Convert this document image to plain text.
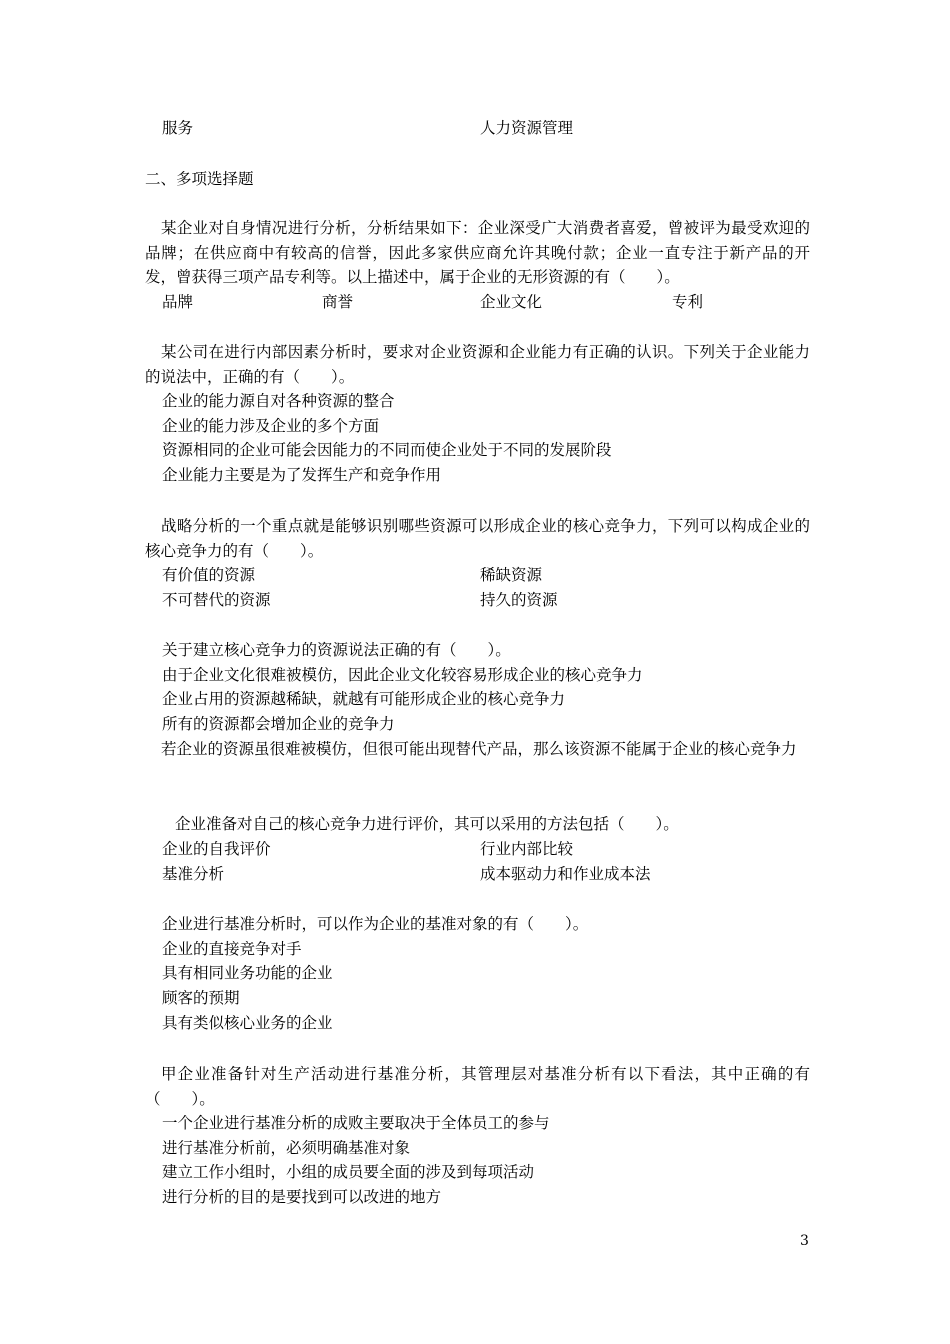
服务	人力资源管理
二、多项选择题
某企业对自身情况进行分析，分析结果如下：企业深受广大消费者喜爱，曾被评为最受欢迎的品牌；在供应商中有较高的信誉，因此多家供应商允许其晚付款；企业一直专注于新产品的开发，曾获得三项产品专利等。以上描述中，属于企业的无形资源的有（　　）。
品牌	商誉	企业文化	专利
某公司在进行内部因素分析时，要求对企业资源和企业能力有正确的认识。下列关于企业能力的说法中，正确的有（　　）。
企业的能力源自对各种资源的整合
企业的能力涉及企业的多个方面
资源相同的企业可能会因能力的不同而使企业处于不同的发展阶段
企业能力主要是为了发挥生产和竞争作用
战略分析的一个重点就是能够识别哪些资源可以形成企业的核心竞争力，下列可以构成企业的核心竞争力的有（　　）。
有价值的资源	稀缺资源
不可替代的资源	持久的资源
关于建立核心竞争力的资源说法正确的有（　　）。
由于企业文化很难被模仿，因此企业文化较容易形成企业的核心竞争力
企业占用的资源越稀缺，就越有可能形成企业的核心竞争力
所有的资源都会增加企业的竞争力
若企业的资源虽很难被模仿，但很可能出现替代产品，那么该资源不能属于企业的核心竞争力
企业准备对自己的核心竞争力进行评价，其可以采用的方法包括（　　）。
企业的自我评价	行业内部比较
基准分析	成本驱动力和作业成本法
企业进行基准分析时，可以作为企业的基准对象的有（　　）。
企业的直接竞争对手
具有相同业务功能的企业
顾客的预期
具有类似核心业务的企业
甲企业准备针对生产活动进行基准分析，其管理层对基准分析有以下看法，其中正确的有（　　）。
一个企业进行基准分析的成败主要取决于全体员工的参与
进行基准分析前，必须明确基准对象
建立工作小组时，小组的成员要全面的涉及到每项活动
进行分析的目的是要找到可以改进的地方
3
